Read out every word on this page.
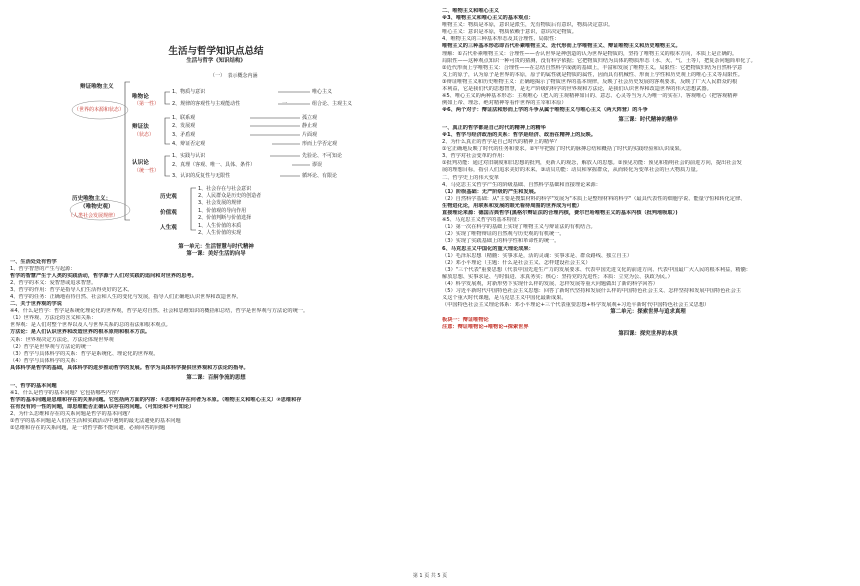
生活与哲学知识点总结
生活与哲学《知识结构》
（一）　表示概念内涵
辩证唯物主义
（世界的本源和状态）
唯物论
（第一性）
辩证法
（状态）
认识论
（统一性）
历史唯物主义：
（唯物史观）
（人类社会发展规律）
历史观
价值观
人生观
1、物质与意识	唯心主义
2、规律的客观性与主观能动性	一	组合论、主观主义
1、联系观	孤立观
2、发展观	静止观
3、矛盾观	片面观
4、辩证否定观	形而上学否定观
1、实践与认识	先验论、不可知论
2、真理（客观、唯一、具体、条件）	谬误
3、认识的反复性与无限性	循环论、有限论
1、社会存在与社会意识
2、人民群众是历史的创造者
3、社会发展的规律
1、价值观的导向作用
2、价值判断与价值选择
1、人生价值的本质
2、人生价值的实现
第一单元：生活智慧与时代精神
第一课：美好生活的向导
一、生活处处有哲学
1、哲学智慧的产生与起源：
哲学的智慧产生于人类的实践活动，哲学源于人们对实践的追问和对世界的思考。
2、哲学的本义：爱智慧或追求智慧。
3、哲学的作用：哲学是指导人们生活得更好的艺术。
4、哲学的任务：正确地看待自然、社会和人生的变化与发展，指导人们正确地认识世界和改造世界。
二、关于世界观的学说
※4、什么是哲学：哲学是系统化理论化的世界观，哲学是对自然、社会和思维知识的概括和总结，哲学是世界观与方法论的统一。
（1）世界观、方法论的含义和关系：
世界观：是人们对整个世界以及人与世界关系的总的看法和根本观点。
方法论：是人们认识世界和改造世界的根本原则和根本方法。
关系：世界观决定方法论，方法论体现世界观
（2）哲学是世界观与方法论的统一
（3）哲学与具体科学的关系：哲学是系统化、理论化的世界观。
（4）哲学与具体科学的关系：
具体科学是哲学的基础，具体科学的进步推动哲学的发展。哲学为具体科学提供世界观和方法论的指导。
第二课：百舸争流的思想
一、哲学的基本问题
※1、什么是哲学的基本问题？它包括哪些内容？
哲学的基本问题是思维和存在的关系问题。它包括两方面的内容：①思维和存在何者为本原。（唯物主义和唯心主义）②思维和存
在有没有同一性的问题，即思维能否正确认识存在的问题。（可知论和不可知论）
2、为什么思维和存在的关系问题是哲学的基本问题？
①哲学的基本问题是人们在生活和实践活动中遇到的最无法避免的基本问题
②思维和存在的关系问题，是一切哲学都不能回避、必须回答的问题
二、唯物主义和唯心主义
※3、唯物主义和唯心主义的基本观点：
唯物主义：物质是本原，意识是派生，先有物质后有意识，物质决定意识。
唯心主义：意识是本原，物质依赖于意识，意识决定物质。
4、唯物主义的三种基本形态及其合理性、局限性：
唯物主义的三种基本形态即古代朴素唯物主义、近代形而上学唯物主义、辩证唯物主义和历史唯物主义。
理解：①古代朴素唯物主义：合理性——否认世界是神创造的认为世界是物质的，坚持了唯物主义的根本方向，本质上是正确的。
局限性——这种观点知识一种可贵的猜测，没有科学依据；它把物质归结为具体的物质形态（水、火、气、土等），把复杂问题简单化了。
②近代形而上学唯物主义：合理性——在总结自然科学成就的基础上，丰富和发展了唯物主义。局限性：它把物质归结为自然科学意
义上的原子，认为原子是世界的本原，原子的属性就是物质的属性，因而具有机械性、形而上学性和历史观上的唯心主义等局限性。
③辩证唯物主义和历史唯物主义：正确地揭示了物质世界的基本规律，反映了社会历史发展的客观要求，反映了广大人民群众的根
本利益，它是我们代的思想智慧，是无产阶级的科学的世界观和方法论，是我们认识世界和改造世界的伟大思想武器。
※5、唯心主义的两种基本形态：主观唯心（把人的主观精神如目的、意志、心灵等当为人为唯一的实在）、客观唯心（把客观精神
例如上帝、理念、绝对精神等看作世界的主宰和本原）
※6、两个对子：辩证法和形而上学的斗争从属于唯物主义与唯心主义（两大阵营）的斗争
第三课：时代精神的精华
一、真正的哲学都是自己时代的精神上的精华
※1、哲学与经济政治的关系：哲学是经济、政治在精神上的反映。
2、为什么真正的哲学是自己时代的精神上的精华？
①它正确地反映了时代的任务和要求。②牢牢把握了时代的脉搏总结和概括了时代的实践经验和认识成果。
3、哲学对社会变革的作用：
①批判功能：通过对旧制度和旧思想的批判，更新人的观念，解放人的思想。②预见功能：预见和指明社会的前进方向，提出社会发
展的理想目标，指引人们追求美好的未来。③动员功能：动员和掌握群众，从而转化为变革社会的巨大物质力量。
二、哲学史上的伟大变革
4、马克思主义哲学产生的阶级基础、自然科学基础和直接理论来源：
（1）阶级基础：无产阶级的产生和发展。
（2）自然科学基础：从"主要是搜集材料的科学"发展为"本质上是整理材料的科学"（最具代表性的细胞学说、能量守恒和转化定律、
生物进化论，用联系和发展的眼光看待周围的世界成为可能）
直接理论来源：德国古典哲学(黑格尔辩证法的合理内核，费尔巴哈唯物主义的基本内核（批判地吸取）)
※5、马克思主义哲学的基本特征：
（1）第一次在科学的基础上实现了唯物主义与辩证法的有机结合。
（2）实现了唯物辩证的自然观与历史观的有机统一。
（3）实现了实践基础上的科学性和革命性的统一。
6、马克思主义中国化的重大理论成果：
（1）毛泽东思想（精髓：实事求是，活的灵魂：实事求是、群众路线、独立自主）
（2）邓小平理论（主题：什么是社会主义、怎样建设社会主义）
（3）"三个代表"重要思想（代表中国先进生产力的发展要求、代表中国先进文化的前进方向、代表中国最广大人民的根本利益，精髓：
解放思想、实事求是、与时俱进、求真务实；核心：坚持党的先进性；本质：立党为公、执政为民。）
（4）科学发展观，对新形势下实现什么样的发展、怎样发展等重大问题做出了新的科学回答）
（5）习近平新时代中国特色社会主义思想：回答了新时代坚持和发展什么样的中国特色社会主义、怎样坚持和发展中国特色社会主
义这个重大时代课题，是马克思主义中国化最新成果。
（中国特色社会主义理论体系：邓小平理论+三个代表重要思想+科学发展观+习近平新时代中国特色社会主义思想）
第二单元：探索世界与追求真理
板块一：辩证唯物论
注意：辩证唯物论→唯物论→探索世界
第四课：探究世界的本质
第 1 页 共 5 页
